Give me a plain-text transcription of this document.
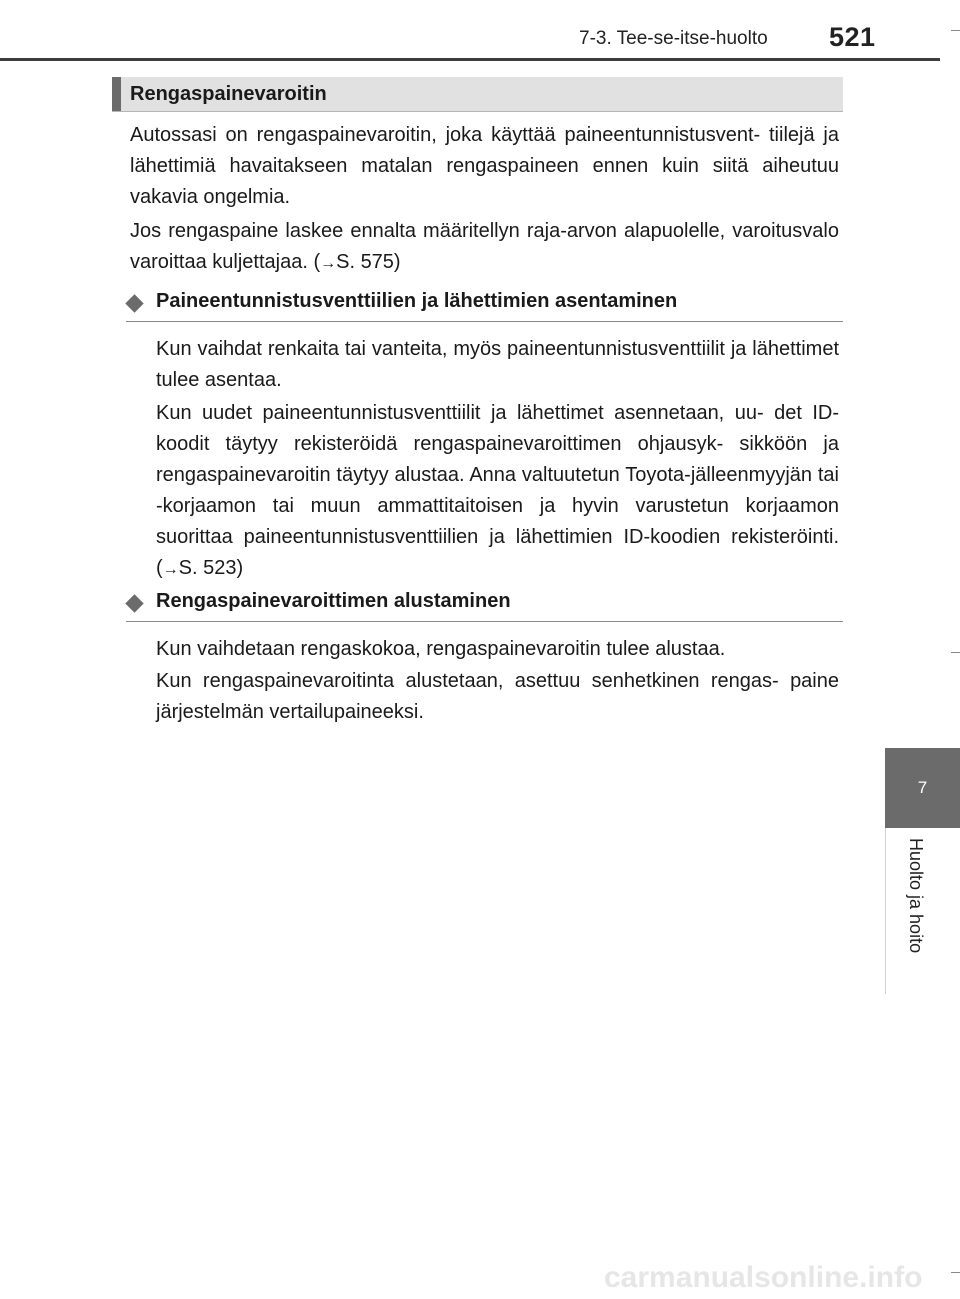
7-3. Tee-se-itse-huolto 521
7
Huolto ja hoito
Rengaspainevaroitin

Autossasi on rengaspainevaroitin, joka käyttää paineentunnistusvent- tiilejä ja lähettimiä havaitakseen matalan rengaspaineen ennen kuin siitä aiheutuu vakavia ongelmia.

Jos rengaspaine laskee ennalta määritellyn raja-arvon alapuolelle, varoitusvalo varoittaa kuljettajaa. (→S. 575)

Paineentunnistusventtiilien ja lähettimien asentaminen

Kun vaihdat renkaita tai vanteita, myös paineentunnistusventtiilit ja lähettimet tulee asentaa.

Kun uudet paineentunnistusventtiilit ja lähettimet asennetaan, uu- det ID-koodit täytyy rekisteröidä rengaspainevaroittimen ohjausyk- sikköön ja rengaspainevaroitin täytyy alustaa. Anna valtuutetun Toyota-jälleenmyyjän tai -korjaamon tai muun ammattitaitoisen ja hyvin varustetun korjaamon suorittaa paineentunnistusventtiilien ja lähettimien ID-koodien rekisteröinti. (→S. 523)

Rengaspainevaroittimen alustaminen

Kun vaihdetaan rengaskokoa, rengaspainevaroitin tulee alustaa.

Kun rengaspainevaroitinta alustetaan, asettuu senhetkinen rengas- paine järjestelmän vertailupaineeksi.

carmanualsonline.info
